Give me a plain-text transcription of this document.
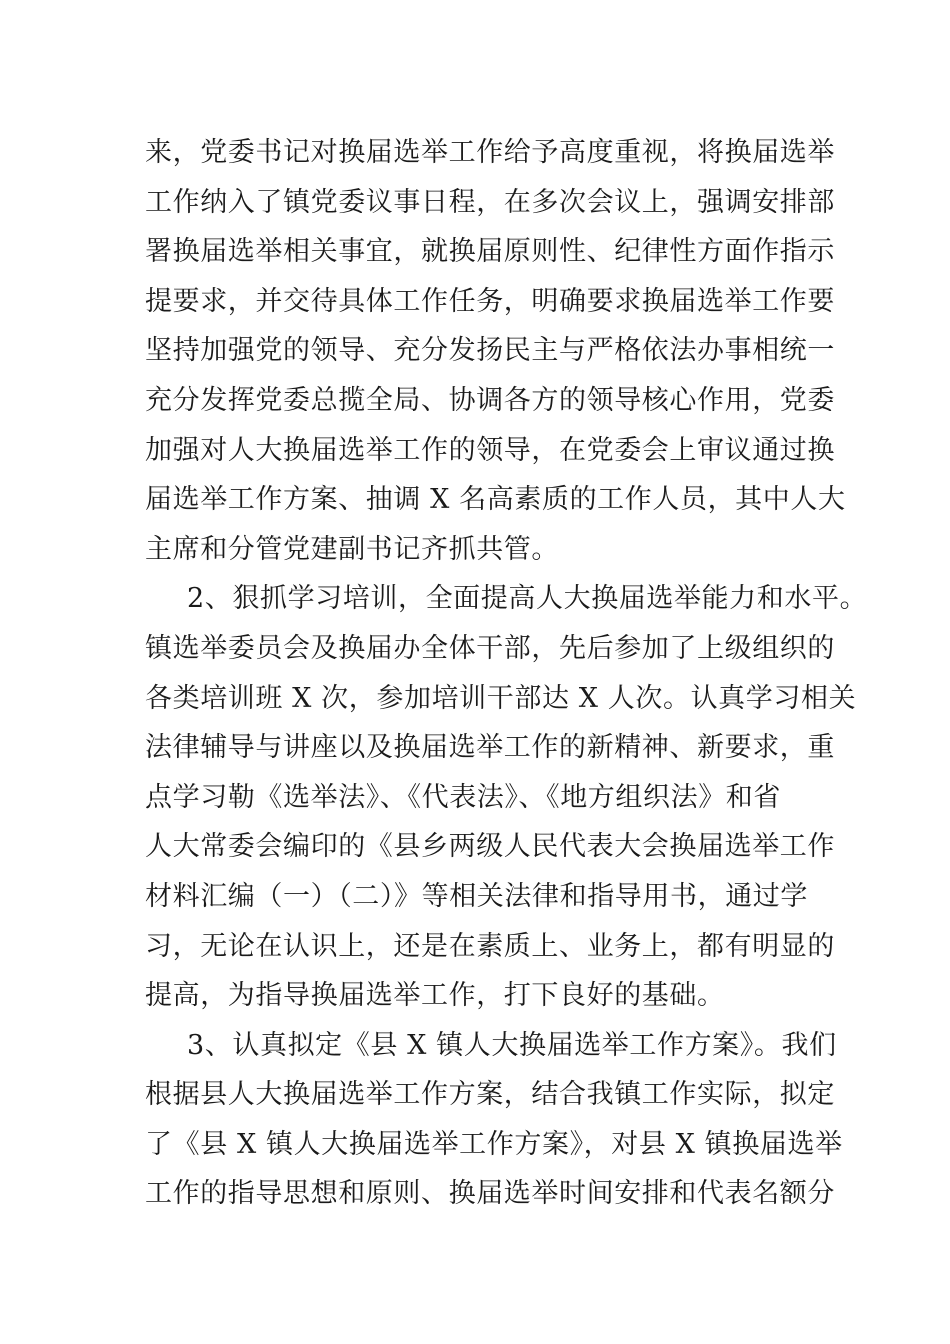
来，党委书记对换届选举工作给予高度重视，将换届选举
工作纳入了镇党委议事日程，在多次会议上，强调安排部
署换届选举相关事宜，就换届原则性、纪律性方面作指示
提要求，并交待具体工作任务，明确要求换届选举工作要
坚持加强党的领导、充分发扬民主与严格依法办事相统一
充分发挥党委总揽全局、协调各方的领导核心作用，党委
加强对人大换届选举工作的领导，在党委会上审议通过换
届选举工作方案、抽调 X 名高素质的工作人员，其中人大
主席和分管党建副书记齐抓共管。
2、狠抓学习培训，全面提高人大换届选举能力和水平。
镇选举委员会及换届办全体干部，先后参加了上级组织的
各类培训班 X 次，参加培训干部达 X 人次。认真学习相关
法律辅导与讲座以及换届选举工作的新精神、新要求，重
点学习勒《选举法》、《代表法》、《地方组织法》和省
人大常委会编印的《县乡两级人民代表大会换届选举工作
材料汇编（一）（二）》等相关法律和指导用书，通过学
习，无论在认识上，还是在素质上、业务上，都有明显的
提高，为指导换届选举工作，打下良好的基础。
3、认真拟定《县 X 镇人大换届选举工作方案》。我们
根据县人大换届选举工作方案，结合我镇工作实际，拟定
了《县 X 镇人大换届选举工作方案》，对县 X 镇换届选举
工作的指导思想和原则、换届选举时间安排和代表名额分
